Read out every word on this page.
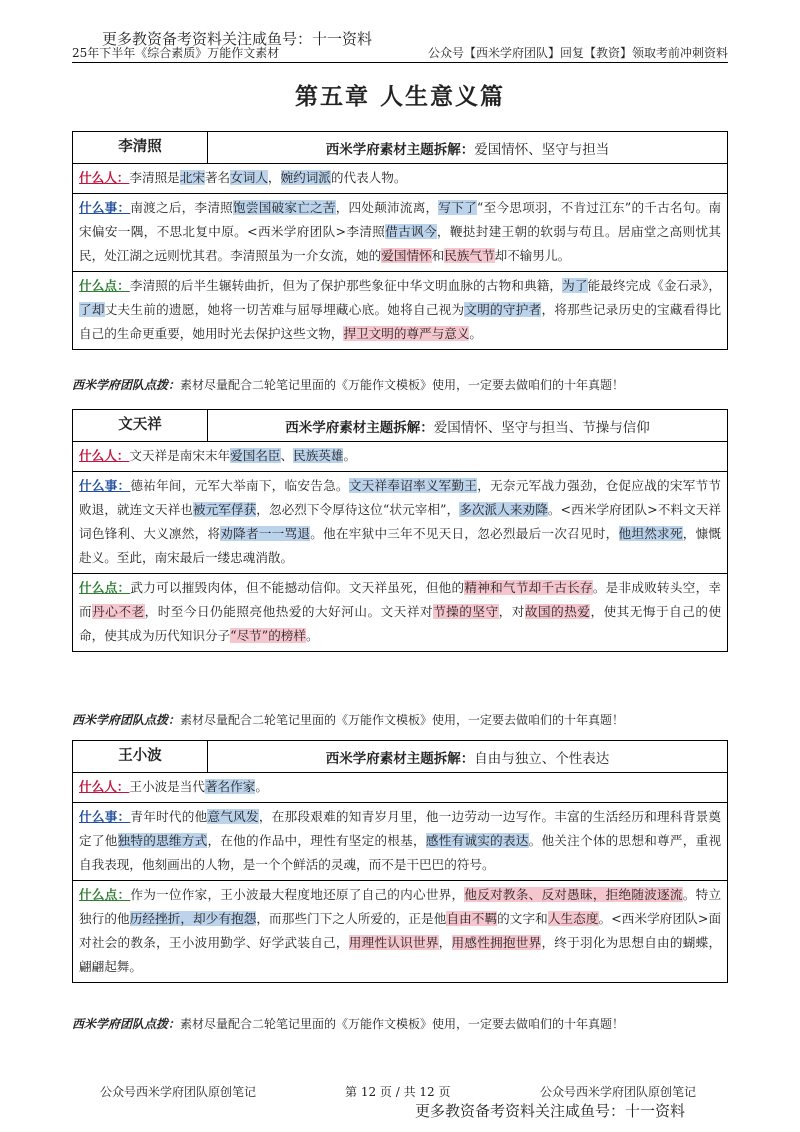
更多教资备考资料关注咸鱼号：十一资料
25年下半年《综合素质》万能作文素材	公众号【西米学府团队】回复【教资】领取考前冲刺资料
第五章 人生意义篇
李清照	西米学府素材主题拆解：爱国情怀、坚守与担当
什么人：李清照是北宋著名女词人，婉约词派的代表人物。
什么事：南渡之后，李清照饱尝国破家亡之苦，四处颠沛流离，写下了“至今思项羽，不肯过江东”的千古名句。南宋偏安一隅，不思北复中原。<西米学府团队>李清照借古讽今，鞭挞封建王朝的软弱与苟且。居庙堂之高则忧其民，处江湖之远则忧其君。李清照虽为一介女流，她的爱国情怀和民族气节却不输男儿。
什么点：李清照的后半生辗转曲折，但为了保护那些象征中华文明血脉的古物和典籍，为了能最终完成《金石录》，了却丈夫生前的遗愿，她将一切苦难与屈辱埋藏心底。她将自己视为文明的守护者，将那些记录历史的宝藏看得比自己的生命更重要，她用时光去保护这些文物，捍卫文明的尊严与意义。
西米学府团队点拨：素材尽量配合二轮笔记里面的《万能作文模板》使用，一定要去做咱们的十年真题！
文天祥	西米学府素材主题拆解：爱国情怀、坚守与担当、节操与信仰
什么人：文天祥是南宋末年爱国名臣、民族英雄。
什么事：德祐年间，元军大举南下，临安告急。文天祥奉诏率义军勤王，无奈元军战力强劲，仓促应战的宋军节节败退，就连文天祥也被元军俘获，忽必烈下令厚待这位“状元宰相”，多次派人来劝降。<西米学府团队>不料文天祥词色锋利、大义凛然，将劝降者一一骂退。他在牢狱中三年不见天日，忽必烈最后一次召见时，他坦然求死，慷慨赴义。至此，南宋最后一缕忠魂消散。
什么点：武力可以摧毁肉体，但不能撼动信仰。文天祥虽死，但他的精神和气节却千古长存。是非成败转头空，幸而丹心不老，时至今日仍能照亮他热爱的大好河山。文天祥对节操的坚守，对故国的热爱，使其无悔于自己的使命，使其成为历代知识分子“尽节”的榜样。
西米学府团队点拨：素材尽量配合二轮笔记里面的《万能作文模板》使用，一定要去做咱们的十年真题！
王小波	西米学府素材主题拆解：自由与独立、个性表达
什么人：王小波是当代著名作家。
什么事：青年时代的他意气风发，在那段艰难的知青岁月里，他一边劳动一边写作。丰富的生活经历和理科背景奠定了他独特的思维方式，在他的作品中，理性有坚定的根基，感性有诚实的表达。他关注个体的思想和尊严，重视自我表现，他刻画出的人物，是一个个鲜活的灵魂，而不是干巴巴的符号。
什么点：作为一位作家，王小波最大程度地还原了自己的内心世界，他反对教条、反对愚昧，拒绝随波逐流。特立独行的他历经挫折，却少有抱怨，而那些门下之人所爱的，正是他自由不羁的文字和人生态度。<西米学府团队>面对社会的教条，王小波用勤学、好学武装自己，用理性认识世界，用感性拥抱世界，终于羽化为思想自由的蝴蝶，翩翩起舞。
西米学府团队点拨：素材尽量配合二轮笔记里面的《万能作文模板》使用，一定要去做咱们的十年真题！
公众号西米学府团队原创笔记	第 12 页 / 共 12 页	公众号西米学府团队原创笔记
更多教资备考资料关注咸鱼号：十一资料
